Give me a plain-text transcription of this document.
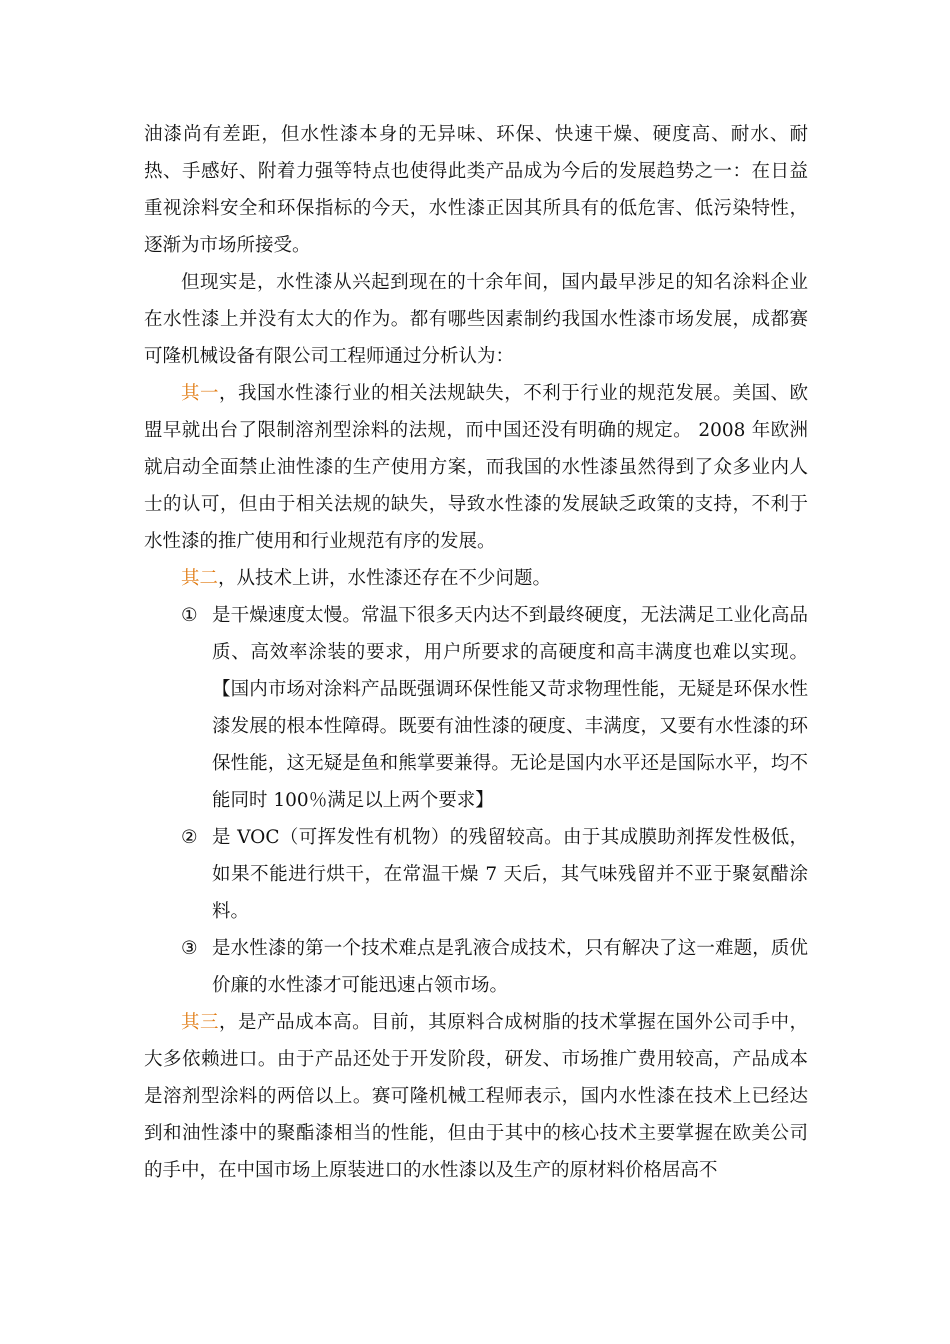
油漆尚有差距，但水性漆本身的无异味、环保、快速干燥、硬度高、耐水、耐热、手感好、附着力强等特点也使得此类产品成为今后的发展趋势之一：在日益重视涂料安全和环保指标的今天，水性漆正因其所具有的低危害、低污染特性，逐渐为市场所接受。

但现实是，水性漆从兴起到现在的十余年间，国内最早涉足的知名涂料企业在水性漆上并没有太大的作为。都有哪些因素制约我国水性漆市场发展，成都赛可隆机械设备有限公司工程师通过分析认为：

其一，我国水性漆行业的相关法规缺失，不利于行业的规范发展。美国、欧盟早就出台了限制溶剂型涂料的法规，而中国还没有明确的规定。 2008 年欧洲就启动全面禁止油性漆的生产使用方案，而我国的水性漆虽然得到了众多业内人士的认可，但由于相关法规的缺失，导致水性漆的发展缺乏政策的支持，不利于水性漆的推广使用和行业规范有序的发展。

其二，从技术上讲，水性漆还存在不少问题。

① 是干燥速度太慢。常温下很多天内达不到最终硬度，无法满足工业化高品质、高效率涂装的要求，用户所要求的高硬度和高丰满度也难以实现。【国内市场对涂料产品既强调环保性能又苛求物理性能，无疑是环保水性漆发展的根本性障碍。既要有油性漆的硬度、丰满度，又要有水性漆的环保性能，这无疑是鱼和熊掌要兼得。无论是国内水平还是国际水平，均不能同时 100％满足以上两个要求】

② 是 VOC（可挥发性有机物）的残留较高。由于其成膜助剂挥发性极低，如果不能进行烘干，在常温干燥 7 天后，其气味残留并不亚于聚氨醋涂料。

③ 是水性漆的第一个技术难点是乳液合成技术，只有解决了这一难题，质优价廉的水性漆才可能迅速占领市场。

其三，是产品成本高。目前，其原料合成树脂的技术掌握在国外公司手中，大多依赖进口。由于产品还处于开发阶段，研发、市场推广费用较高，产品成本是溶剂型涂料的两倍以上。赛可隆机械工程师表示，国内水性漆在技术上已经达到和油性漆中的聚酯漆相当的性能，但由于其中的核心技术主要掌握在欧美公司的手中，在中国市场上原装进口的水性漆以及生产的原材料价格居高不
